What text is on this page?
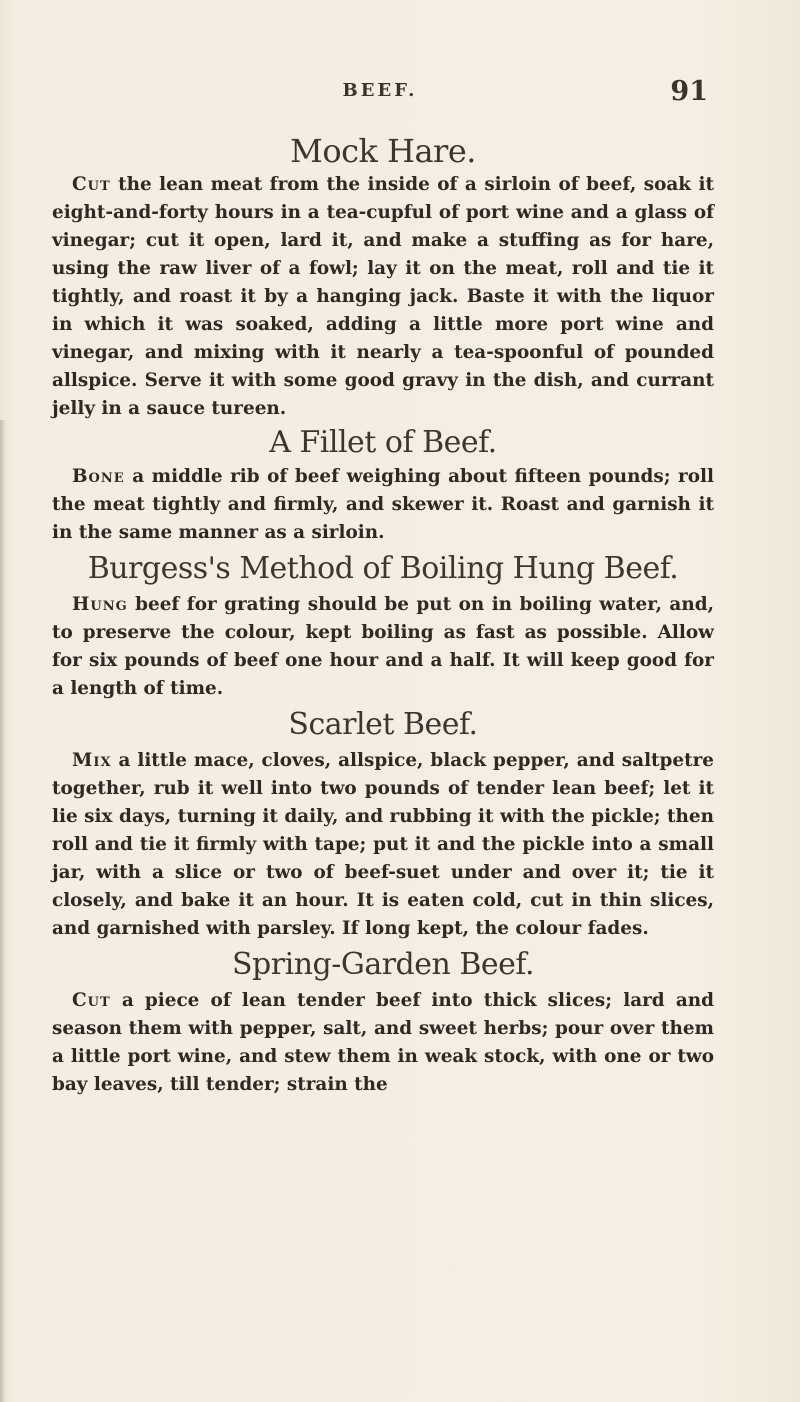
BEEF.	91
Mock Hare.

Cut the lean meat from the inside of a sirloin of beef, soak it eight-and-forty hours in a tea-cupful of port wine and a glass of vinegar; cut it open, lard it, and make a stuffing as for hare, using the raw liver of a fowl; lay it on the meat, roll and tie it tightly, and roast it by a hanging jack. Baste it with the liquor in which it was soaked, adding a little more port wine and vinegar, and mixing with it nearly a tea-spoonful of pounded allspice. Serve it with some good gravy in the dish, and currant jelly in a sauce tureen.

A Fillet of Beef.

Bone a middle rib of beef weighing about fifteen pounds; roll the meat tightly and firmly, and skewer it. Roast and garnish it in the same manner as a sirloin.

Burgess's Method of Boiling Hung Beef.

Hung beef for grating should be put on in boiling water, and, to preserve the colour, kept boiling as fast as possible. Allow for six pounds of beef one hour and a half. It will keep good for a length of time.

Scarlet Beef.

Mix a little mace, cloves, allspice, black pepper, and saltpetre together, rub it well into two pounds of tender lean beef; let it lie six days, turning it daily, and rubbing it with the pickle; then roll and tie it firmly with tape; put it and the pickle into a small jar, with a slice or two of beef-suet under and over it; tie it closely, and bake it an hour. It is eaten cold, cut in thin slices, and garnished with parsley. If long kept, the colour fades.

Spring-Garden Beef.

Cut a piece of lean tender beef into thick slices; lard and season them with pepper, salt, and sweet herbs; pour over them a little port wine, and stew them in weak stock, with one or two bay leaves, till tender; strain the
